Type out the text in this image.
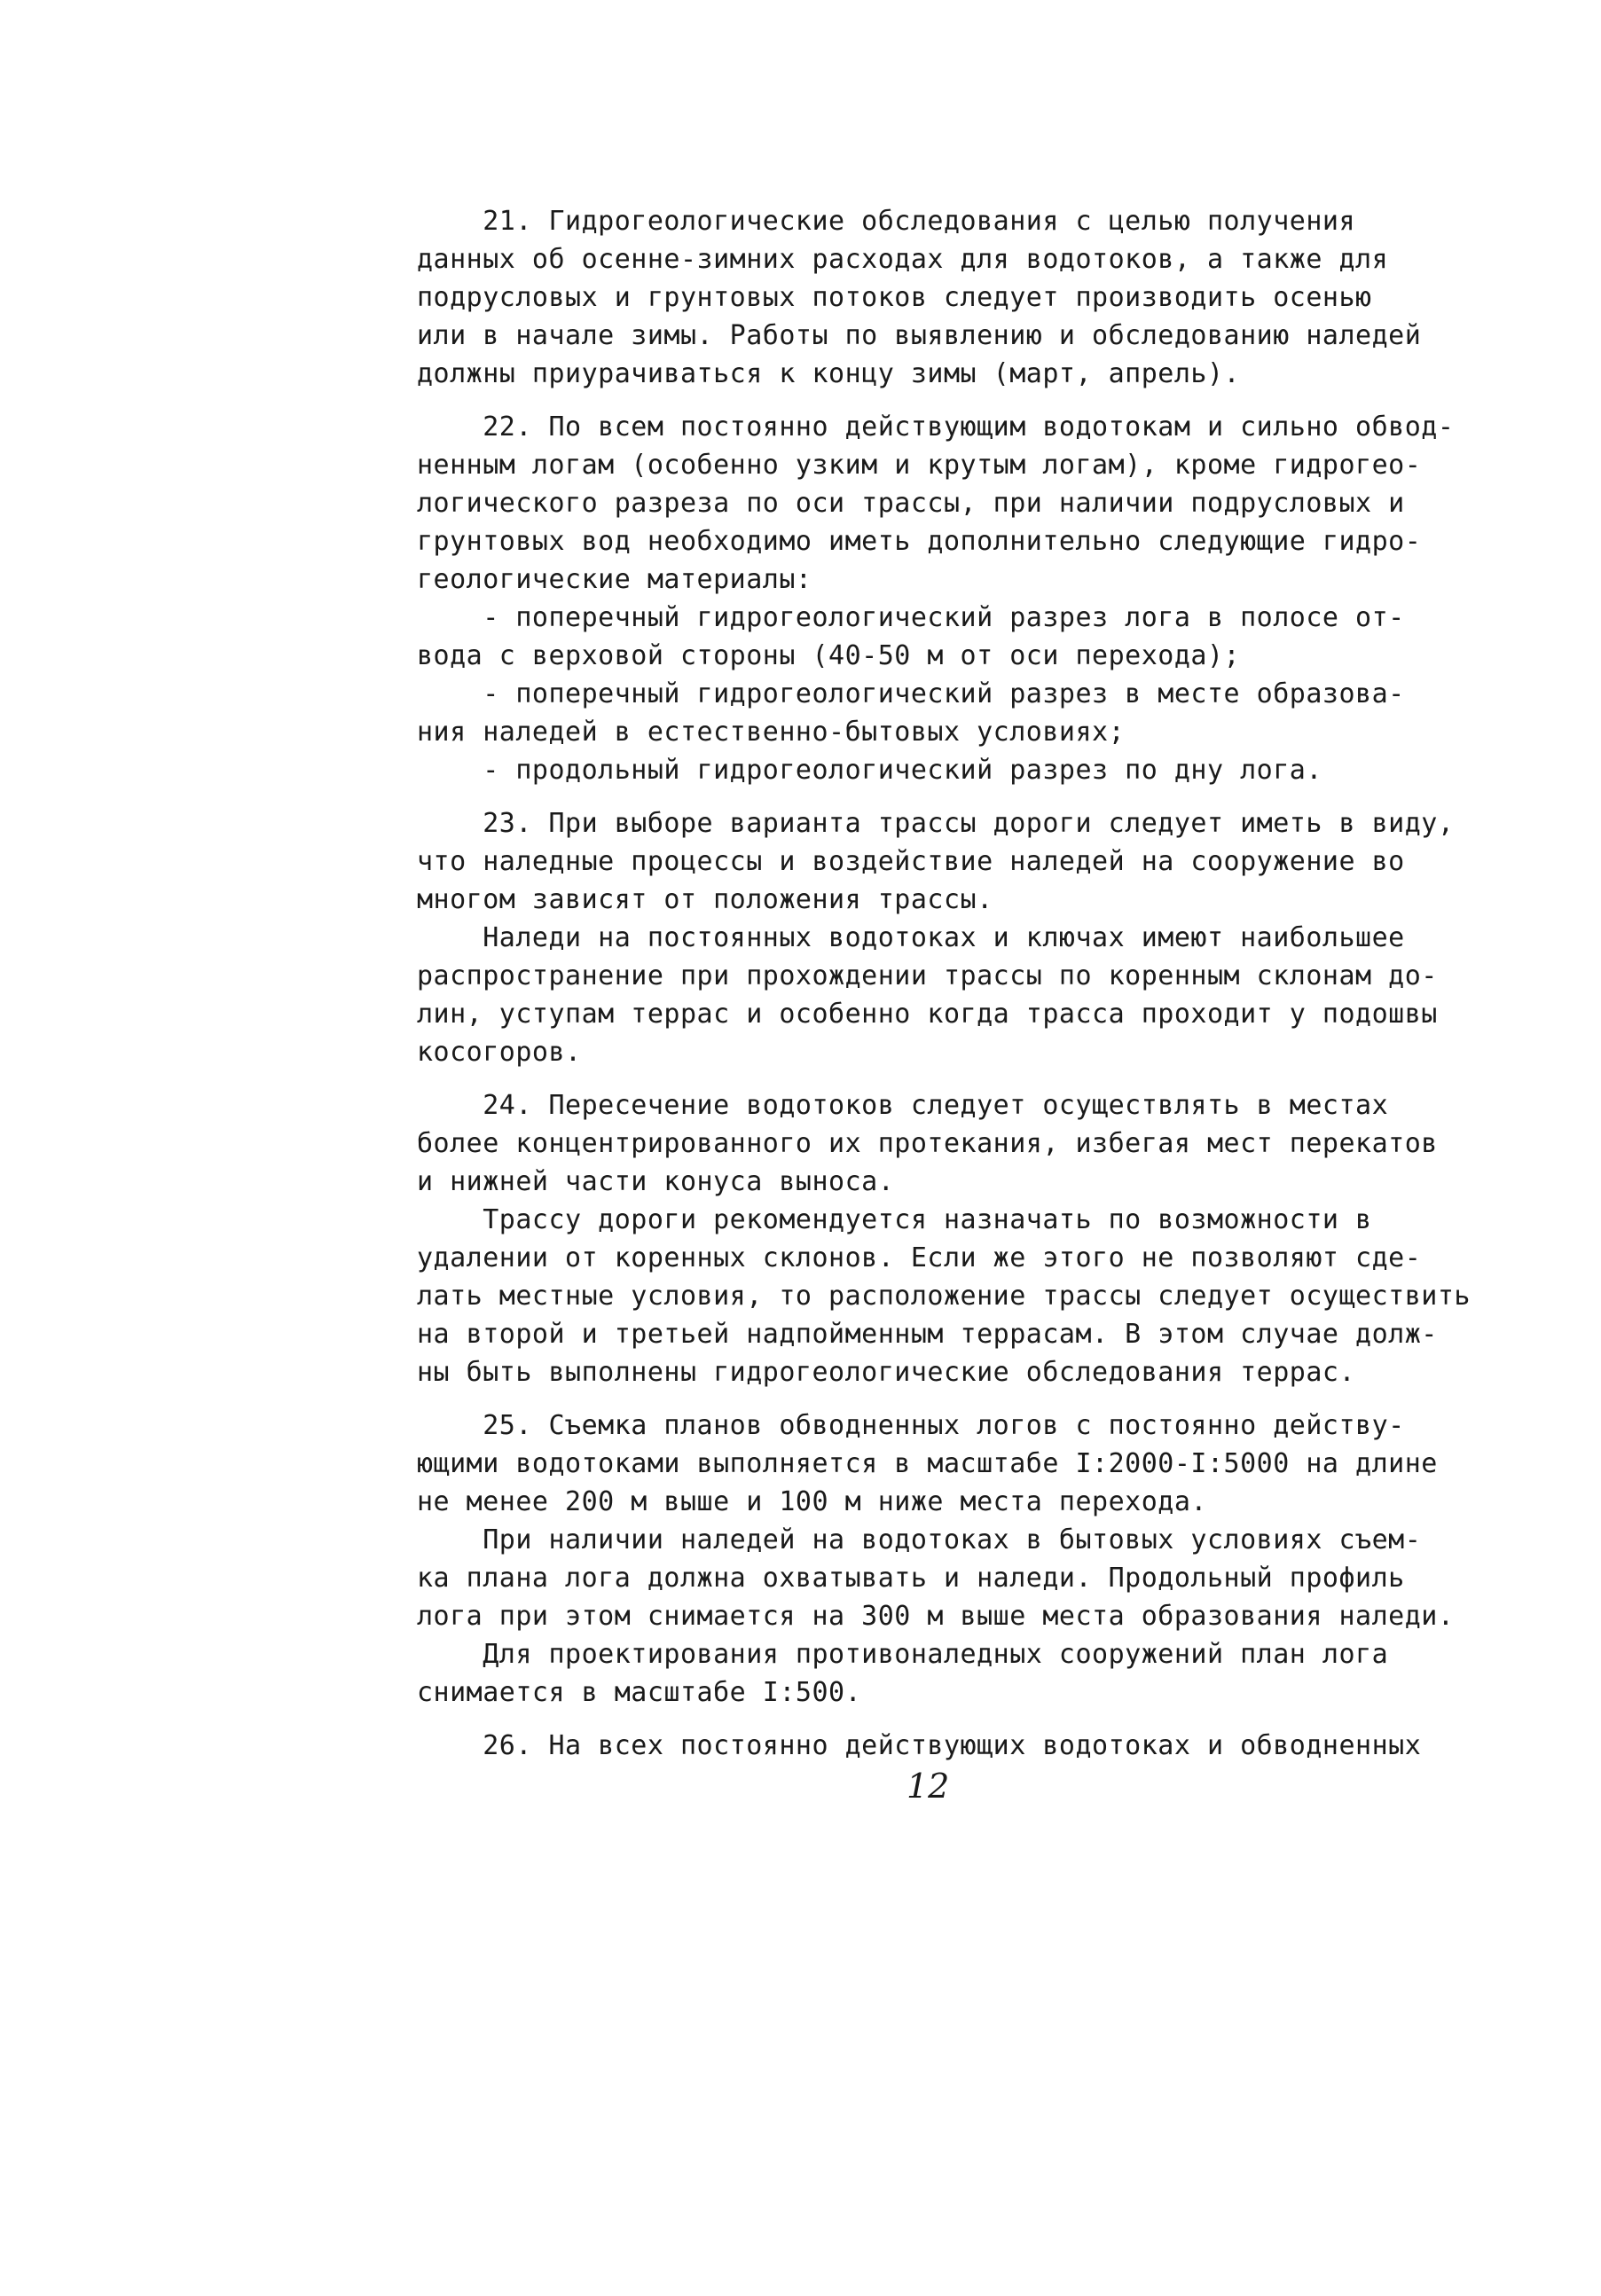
21. Гидрогеологические обследования с целью получения
данных об осенне-зимних расходах для водотоков, а также для
подрусловых и грунтовых потоков следует производить осенью
или в начале зимы. Работы по выявлению и обследованию наледей
должны приурачиваться к концу зимы (март, апрель).
22. По всем постоянно действующим водотокам и сильно обвод-
ненным логам (особенно узким и крутым логам), кроме гидрогео-
логического разреза по оси трассы, при наличии подрусловых и
грунтовых вод необходимо иметь дополнительно следующие гидро-
геологические материалы:
- поперечный гидрогеологический разрез лога в полосе от-
вода с верховой стороны (40-50 м от оси перехода);
- поперечный гидрогеологический разрез в месте образова-
ния наледей в естественно-бытовых условиях;
- продольный гидрогеологический разрез по дну лога.
23. При выборе варианта трассы дороги следует иметь в виду,
что наледные процессы и воздействие наледей на сооружение во
многом зависят от положения трассы.
Наледи на постоянных водотоках и ключах имеют наибольшее
распространение при прохождении трассы по коренным склонам до-
лин, уступам террас и особенно когда трасса проходит у подошвы
косогоров.
24. Пересечение водотоков следует осуществлять в местах
более концентрированного их протекания, избегая мест перекатов
и нижней части конуса выноса.
Трассу дороги рекомендуется назначать по возможности в
удалении от коренных склонов. Если же этого не позволяют сде-
лать местные условия, то расположение трассы следует осуществить
на второй и третьей надпойменным террасам. В этом случае долж-
ны быть выполнены гидрогеологические обследования террас.
25. Съемка планов обводненных логов с постоянно действу-
ющими водотоками выполняется в масштабе I:2000-I:5000 на длине
не менее 200 м выше и 100 м ниже места перехода.
При наличии наледей на водотоках в бытовых условиях съем-
ка плана лога должна охватывать и наледи. Продольный профиль
лога при этом снимается на 300 м выше места образования наледи.
Для проектирования противоналедных сооружений план лога
снимается в масштабе I:500.
26. На всех постоянно действующих водотоках и обводненных
12
